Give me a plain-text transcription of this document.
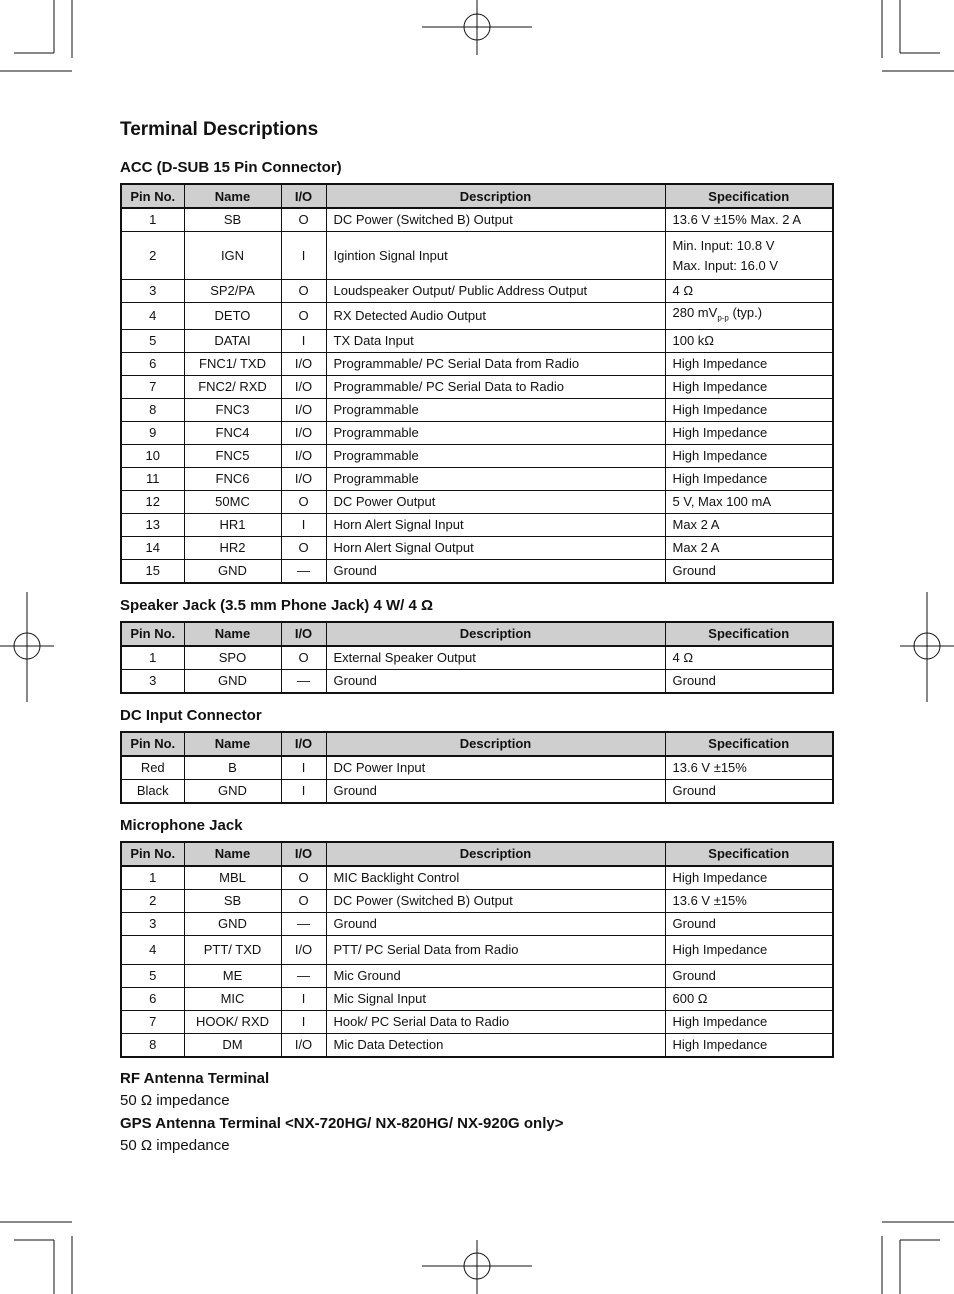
Terminal Descriptions
ACC (D-SUB 15 Pin Connector)
Pin No.	Name	I/O	Description	Specification
1	SB	O	DC Power (Switched B) Output	13.6 V ±15% Max. 2 A
2	IGN	I	Igintion Signal Input	Min. Input: 10.8 V
Max. Input: 16.0 V

3	SP2/PA	O	Loudspeaker Output/ Public Address Output	4 Ω
4	DETO	O	RX Detected Audio Output	280 $mV_{p-p}$ (typ.)
5	DATAI	I	TX Data Input	100 kΩ
6	FNC1/ TXD	I/O	Programmable/ PC Serial Data from Radio	High Impedance
7	FNC2/ RXD	I/O	Programmable/ PC Serial Data to Radio	High Impedance
8	FNC3	I/O	Programmable	High Impedance
9	FNC4	I/O	Programmable	High Impedance
10	FNC5	I/O	Programmable	High Impedance
11	FNC6	I/O	Programmable	High Impedance
12	50MC	O	DC Power Output	5 V, Max 100 mA
13	HR1	I	Horn Alert Signal Input	Max 2 A
14	HR2	O	Horn Alert Signal Output	Max 2 A
15	GND	—	Ground	Ground
Speaker Jack (3.5 mm Phone Jack) 4 W/ 4 Ω
Pin No.	Name	I/O	Description	Specification
1	SPO	O	External Speaker Output	4 Ω
3	GND	—	Ground	Ground
DC Input Connector
Pin No.	Name	I/O	Description	Specification
Red	B	I	DC Power Input	13.6 V ±15%
Black	GND	I	Ground	Ground
Microphone Jack
Pin No.	Name	I/O	Description	Specification
1	MBL	O	MIC Backlight Control	High Impedance
2	SB	O	DC Power (Switched B) Output	13.6 V ±15%
3	GND	—	Ground	Ground
4	PTT/ TXD	I/O	PTT/ PC Serial Data from Radio	High Impedance
5	ME	—	Mic Ground	Ground
6	MIC	I	Mic Signal Input	600 Ω
7	HOOK/ RXD	I	Hook/ PC Serial Data to Radio	High Impedance
8	DM	I/O	Mic Data Detection	High Impedance

RF Antenna Terminal

50 Ω impedance

GPS Antenna Terminal <NX-720HG/ NX-820HG/ NX-920G only>

50 Ω impedance
